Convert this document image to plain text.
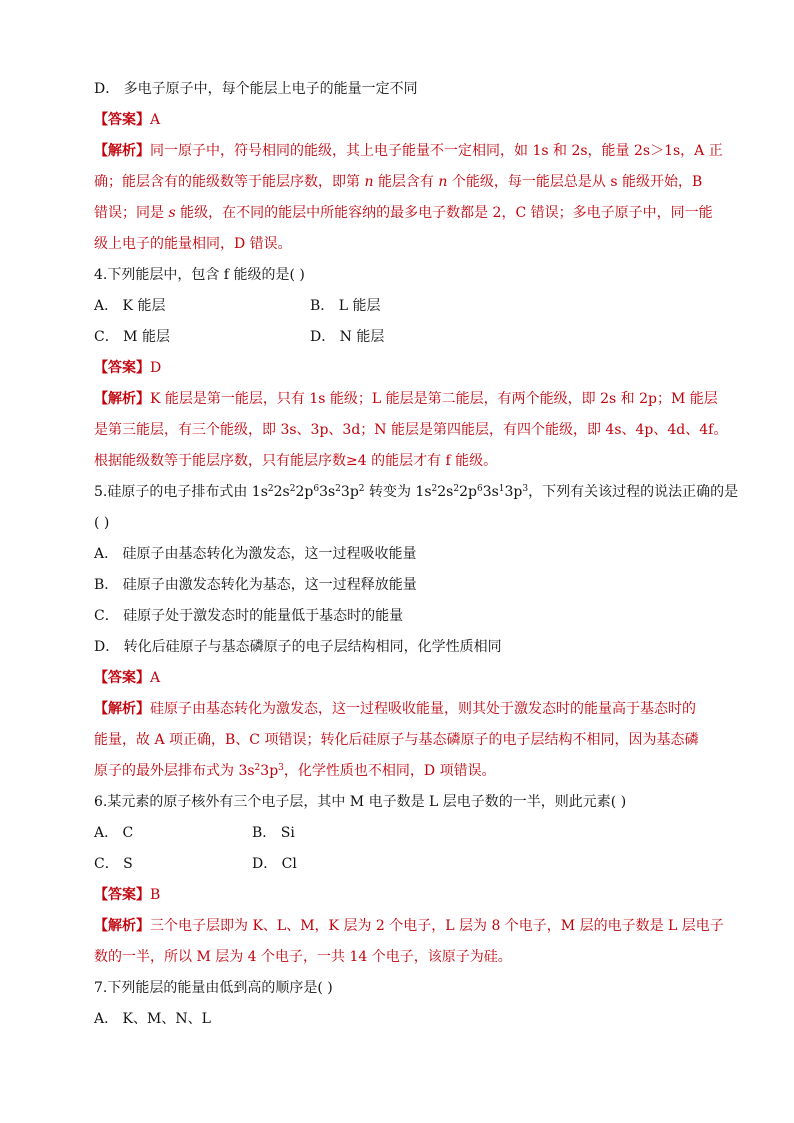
D． 多电子原子中，每个能层上电子的能量一定不同
【答案】A
【解析】同一原子中，符号相同的能级，其上电子能量不一定相同，如 1s 和 2s，能量 2s＞1s，A 正
确；能层含有的能级数等于能层序数，即第 n 能层含有 n 个能级，每一能层总是从 s 能级开始，B
错误；同是 s 能级，在不同的能层中所能容纳的最多电子数都是 2，C 错误；多电子原子中，同一能
级上电子的能量相同，D 错误。
4.下列能层中，包含 f 能级的是( )
A． K 能层	B． L 能层
C． M 能层	D． N 能层
【答案】D
【解析】K 能层是第一能层，只有 1s 能级；L 能层是第二能层，有两个能级，即 2s 和 2p；M 能层
是第三能层，有三个能级，即 3s、3p、3d；N 能层是第四能层，有四个能级，即 4s、4p、4d、4f。
根据能级数等于能层序数，只有能层序数≥4 的能层才有 f 能级。
5.硅原子的电子排布式由 $1s^22s^22p^63s^23p^2$ 转变为 $1s^22s^22p^63s^13p^3$，下列有关该过程的说法正确的是
( )
A． 硅原子由基态转化为激发态，这一过程吸收能量
B． 硅原子由激发态转化为基态，这一过程释放能量
C． 硅原子处于激发态时的能量低于基态时的能量
D． 转化后硅原子与基态磷原子的电子层结构相同，化学性质相同
【答案】A
【解析】硅原子由基态转化为激发态，这一过程吸收能量，则其处于激发态时的能量高于基态时的
能量，故 A 项正确，B、C 项错误；转化后硅原子与基态磷原子的电子层结构不相同，因为基态磷
原子的最外层排布式为 $3s^23p^3$，化学性质也不相同，D 项错误。
6.某元素的原子核外有三个电子层，其中 M 电子数是 L 层电子数的一半，则此元素( )
A． C	B． Si
C． S	D． Cl
【答案】B
【解析】三个电子层即为 K、L、M，K 层为 2 个电子，L 层为 8 个电子，M 层的电子数是 L 层电子
数的一半，所以 M 层为 4 个电子，一共 14 个电子，该原子为硅。
7.下列能层的能量由低到高的顺序是( )
A． K、M、N、L
